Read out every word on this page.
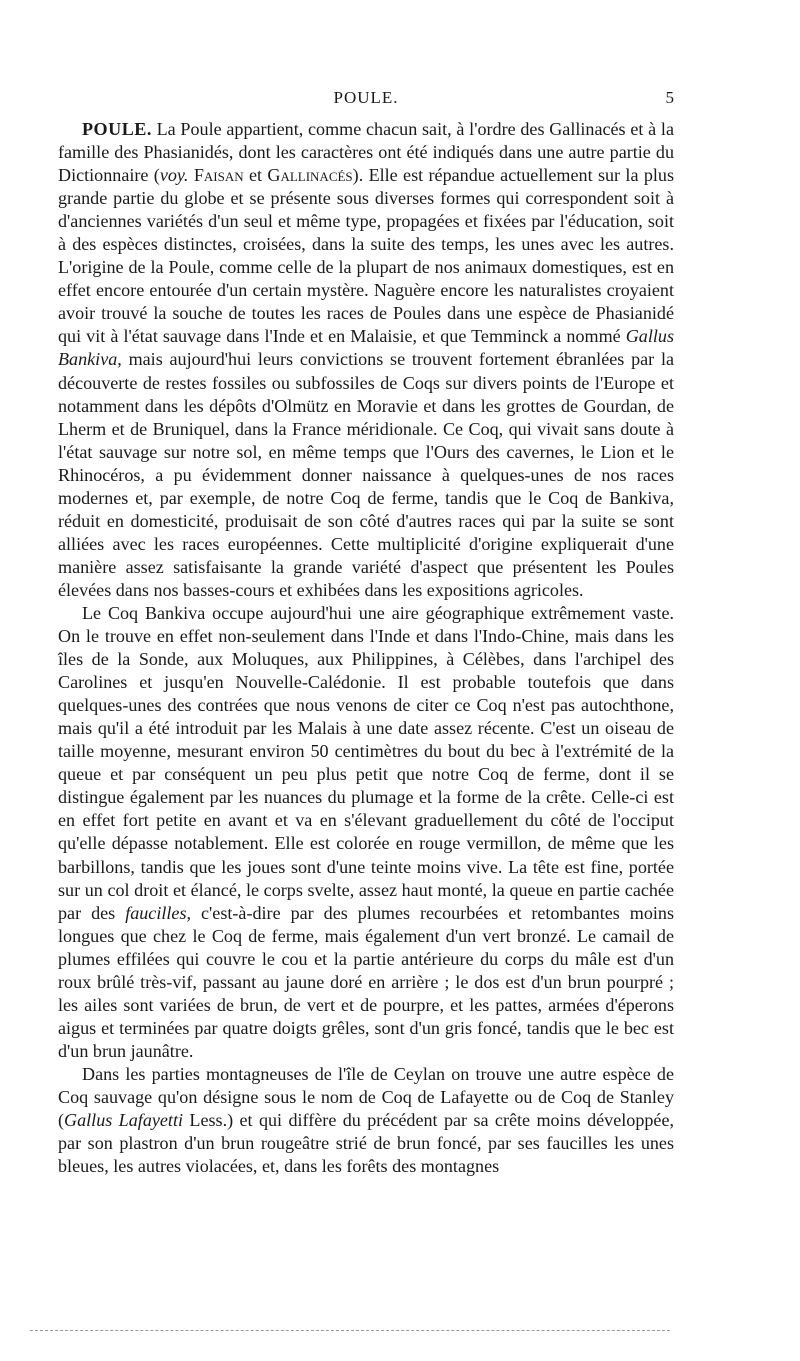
POULE.	5

POULE. La Poule appartient, comme chacun sait, à l'ordre des Gallinacés et à la famille des Phasianidés, dont les caractères ont été indiqués dans une autre partie du Dictionnaire (voy. Faisan et Gallinacés). Elle est répandue actuellement sur la plus grande partie du globe et se présente sous diverses formes qui correspondent soit à d'anciennes variétés d'un seul et même type, propagées et fixées par l'éducation, soit à des espèces distinctes, croisées, dans la suite des temps, les unes avec les autres. L'origine de la Poule, comme celle de la plupart de nos animaux domestiques, est en effet encore entourée d'un certain mystère. Naguère encore les naturalistes croyaient avoir trouvé la souche de toutes les races de Poules dans une espèce de Phasianidé qui vit à l'état sauvage dans l'Inde et en Malaisie, et que Temminck a nommé Gallus Bankiva, mais aujourd'hui leurs convictions se trouvent fortement ébranlées par la découverte de restes fossiles ou subfossiles de Coqs sur divers points de l'Europe et notamment dans les dépôts d'Olmütz en Moravie et dans les grottes de Gourdan, de Lherm et de Bruniquel, dans la France méridionale. Ce Coq, qui vivait sans doute à l'état sauvage sur notre sol, en même temps que l'Ours des cavernes, le Lion et le Rhinocéros, a pu évidemment donner naissance à quelques-unes de nos races modernes et, par exemple, de notre Coq de ferme, tandis que le Coq de Bankiva, réduit en domesticité, produisait de son côté d'autres races qui par la suite se sont alliées avec les races européennes. Cette multiplicité d'origine expliquerait d'une manière assez satisfaisante la grande variété d'aspect que présentent les Poules élevées dans nos basses-cours et exhibées dans les expositions agricoles.

Le Coq Bankiva occupe aujourd'hui une aire géographique extrêmement vaste. On le trouve en effet non-seulement dans l'Inde et dans l'Indo-Chine, mais dans les îles de la Sonde, aux Moluques, aux Philippines, à Célèbes, dans l'archipel des Carolines et jusqu'en Nouvelle-Calédonie. Il est probable toutefois que dans quelques-unes des contrées que nous venons de citer ce Coq n'est pas autochthone, mais qu'il a été introduit par les Malais à une date assez récente. C'est un oiseau de taille moyenne, mesurant environ 50 centimètres du bout du bec à l'extrémité de la queue et par conséquent un peu plus petit que notre Coq de ferme, dont il se distingue également par les nuances du plumage et la forme de la crête. Celle-ci est en effet fort petite en avant et va en s'élevant graduellement du côté de l'occiput qu'elle dépasse notablement. Elle est colorée en rouge vermillon, de même que les barbillons, tandis que les joues sont d'une teinte moins vive. La tête est fine, portée sur un col droit et élancé, le corps svelte, assez haut monté, la queue en partie cachée par des faucilles, c'est-à-dire par des plumes recourbées et retombantes moins longues que chez le Coq de ferme, mais également d'un vert bronzé. Le camail de plumes effilées qui couvre le cou et la partie antérieure du corps du mâle est d'un roux brûlé très-vif, passant au jaune doré en arrière ; le dos est d'un brun pourpré ; les ailes sont variées de brun, de vert et de pourpre, et les pattes, armées d'éperons aigus et terminées par quatre doigts grêles, sont d'un gris foncé, tandis que le bec est d'un brun jaunâtre.

Dans les parties montagneuses de l'île de Ceylan on trouve une autre espèce de Coq sauvage qu'on désigne sous le nom de Coq de Lafayette ou de Coq de Stanley (Gallus Lafayetti Less.) et qui diffère du précédent par sa crête moins développée, par son plastron d'un brun rougeâtre strié de brun foncé, par ses faucilles les unes bleues, les autres violacées, et, dans les forêts des montagnes
